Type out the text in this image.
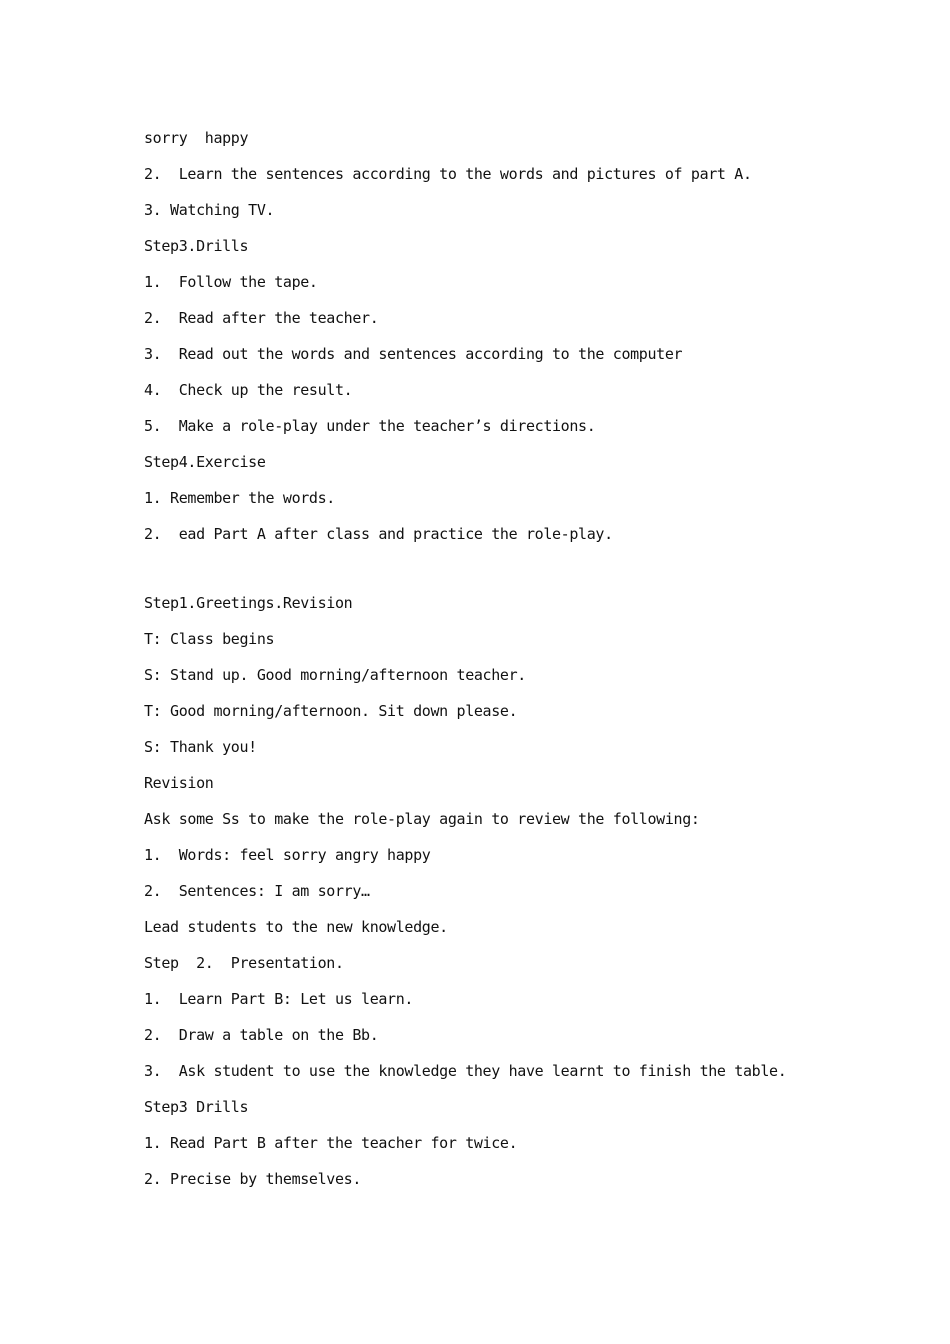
sorry  happy
2.  Learn the sentences according to the words and pictures of part A.
3. Watching TV.
Step3.Drills
1.  Follow the tape.
2.  Read after the teacher.
3.  Read out the words and sentences according to the computer
4.  Check up the result.
5.  Make a role-play under the teacher’s directions.
Step4.Exercise
1. Remember the words.
2.  ead Part A after class and practice the role-play.
Step1.Greetings.Revision
T: Class begins
S: Stand up. Good morning/afternoon teacher.
T: Good morning/afternoon. Sit down please.
S: Thank you!
Revision
Ask some Ss to make the role-play again to review the following:
1.  Words: feel sorry angry happy
2.  Sentences: I am sorry…
Lead students to the new knowledge.
Step  2.  Presentation.
1.  Learn Part B: Let us learn.
2.  Draw a table on the Bb.
3.  Ask student to use the knowledge they have learnt to finish the table.
Step3 Drills
1. Read Part B after the teacher for twice.
2. Precise by themselves.
